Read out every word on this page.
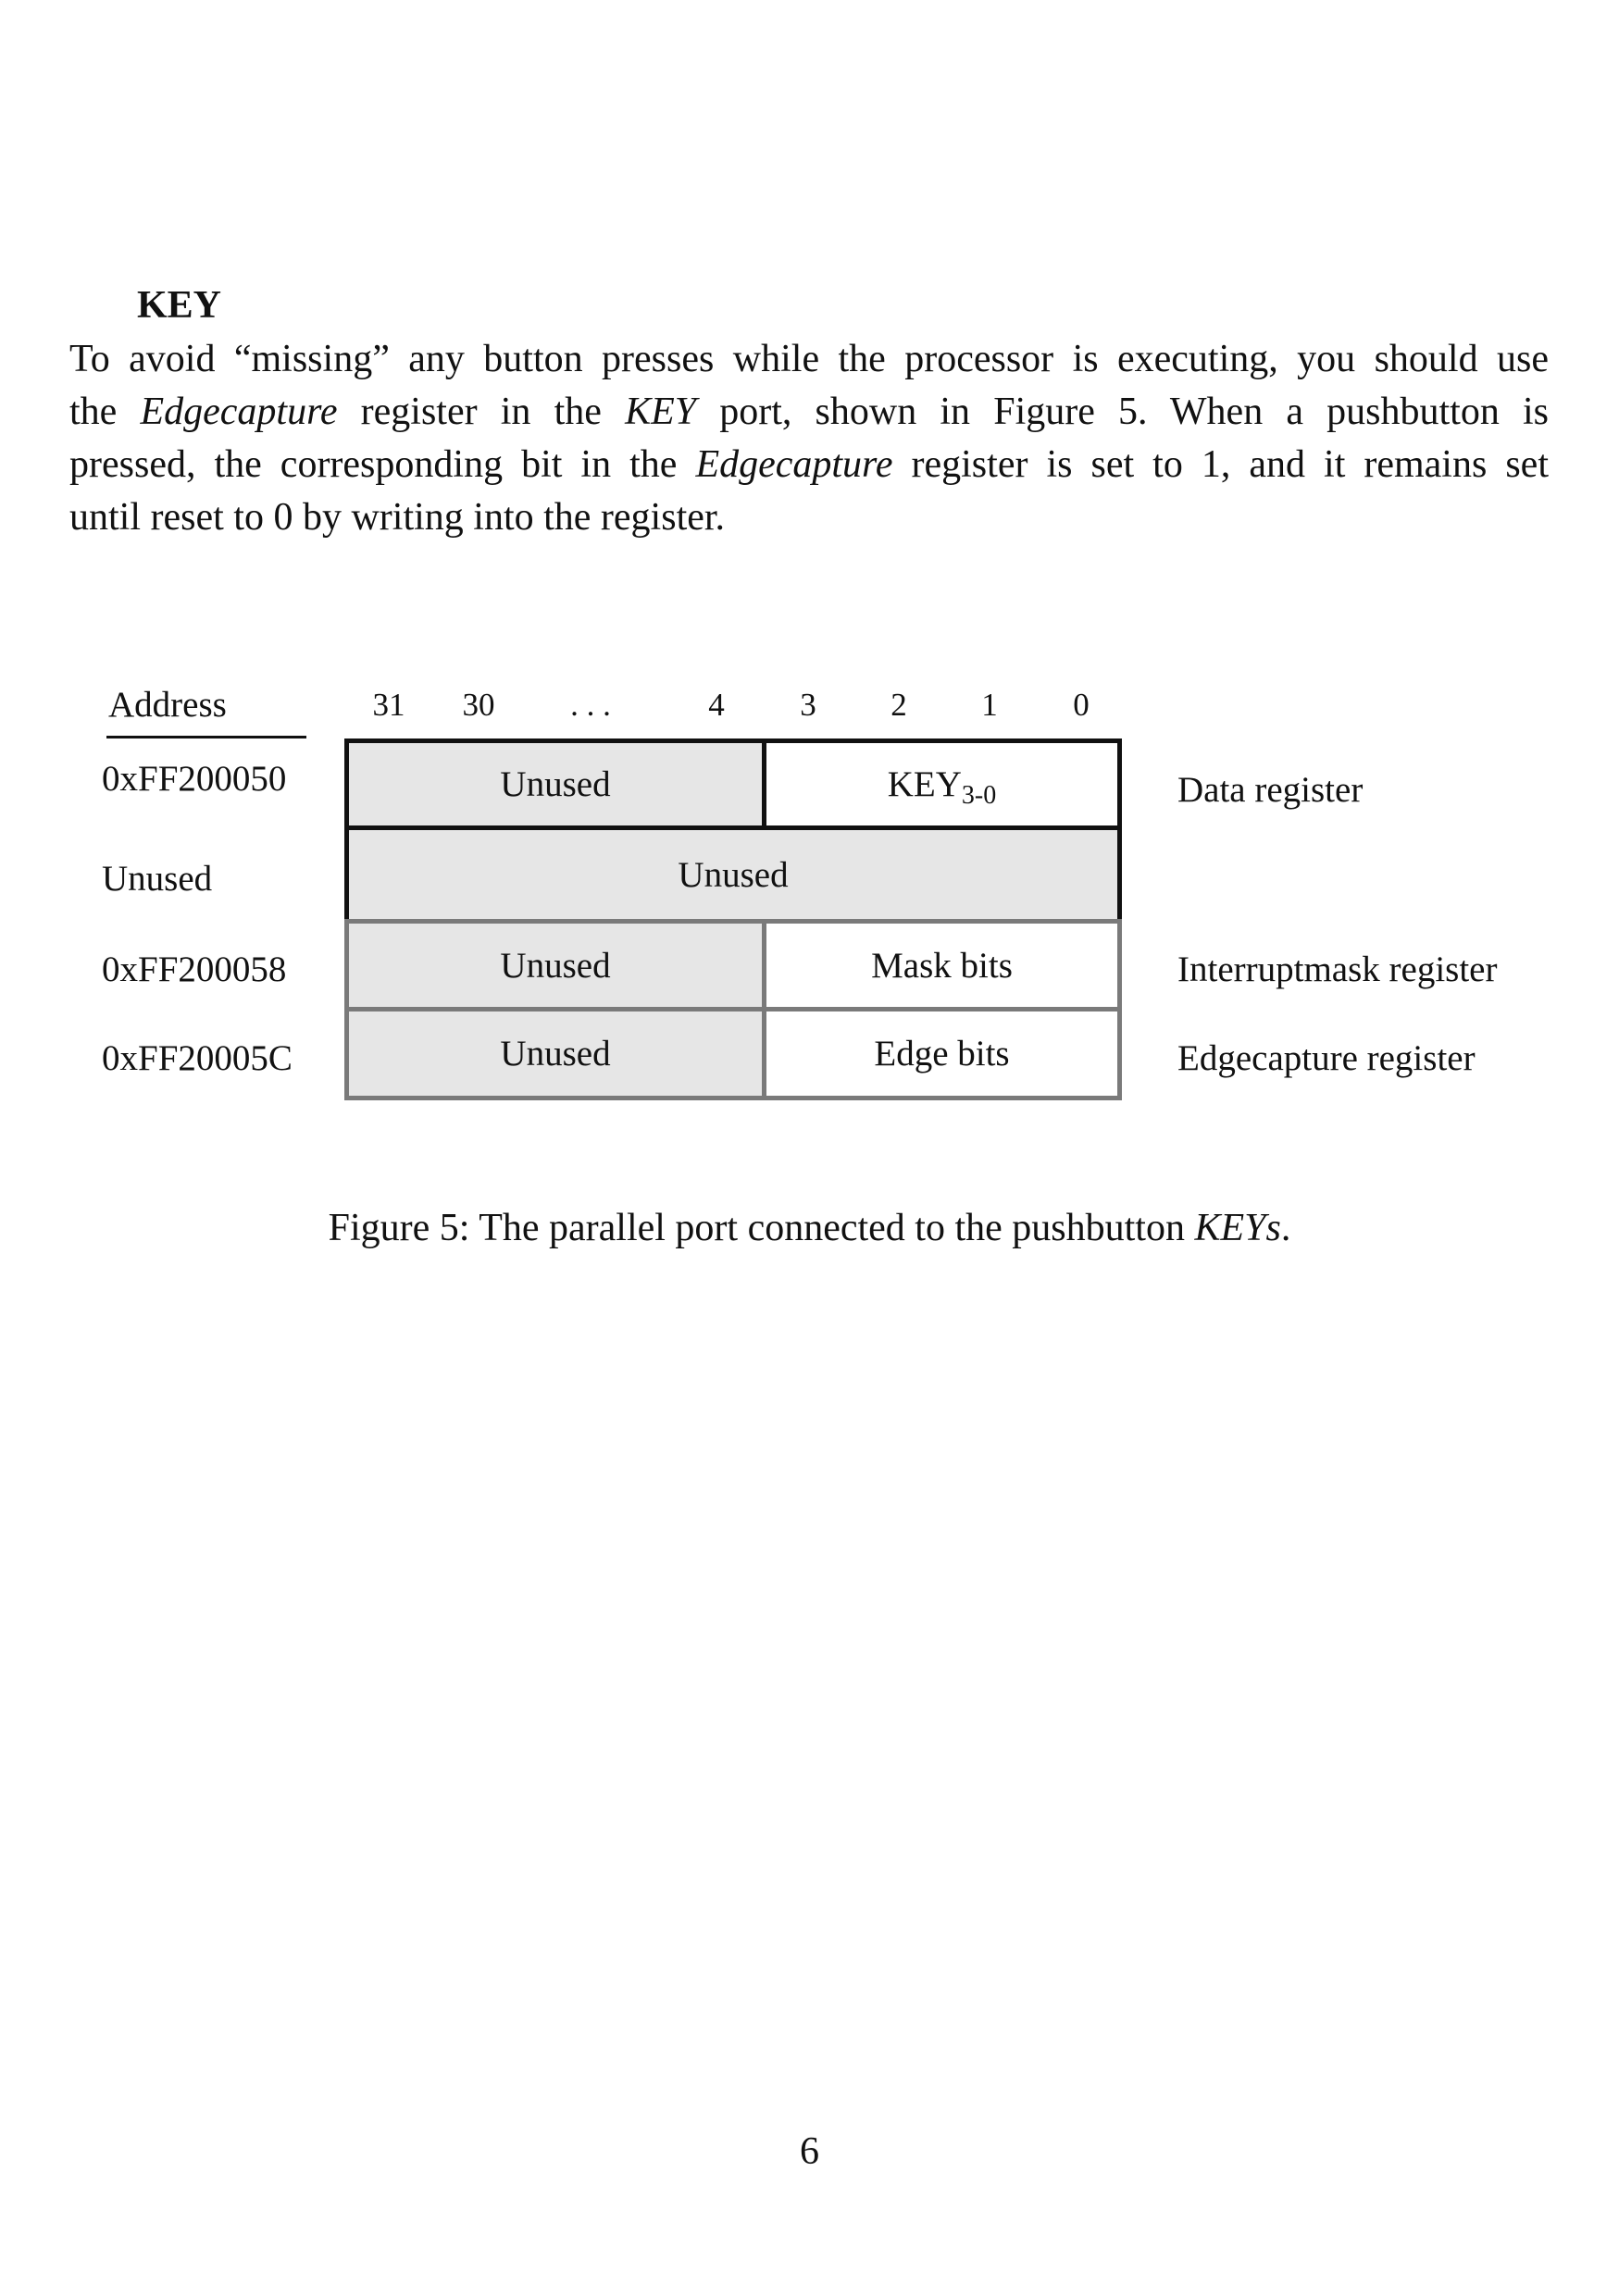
KEY
To avoid “missing” any button presses while the processor is executing, you should use
the Edgecapture register in the KEY port, shown in Figure 5. When a pushbutton is
pressed, the corresponding bit in the Edgecapture register is set to 1, and it remains set
until reset to 0 by writing into the register.
Address	31 30 . . .	4 3 2 1 0
0xFF200050	Unused	KEY 3-0	Data register
Unused	Unused
0xFF200058	Unused	Mask bits	Interruptmask register
0xFF20005C	Unused	Edge bits	Edgecapture register
Figure 5: The parallel port connected to the pushbutton KEYs.
6
